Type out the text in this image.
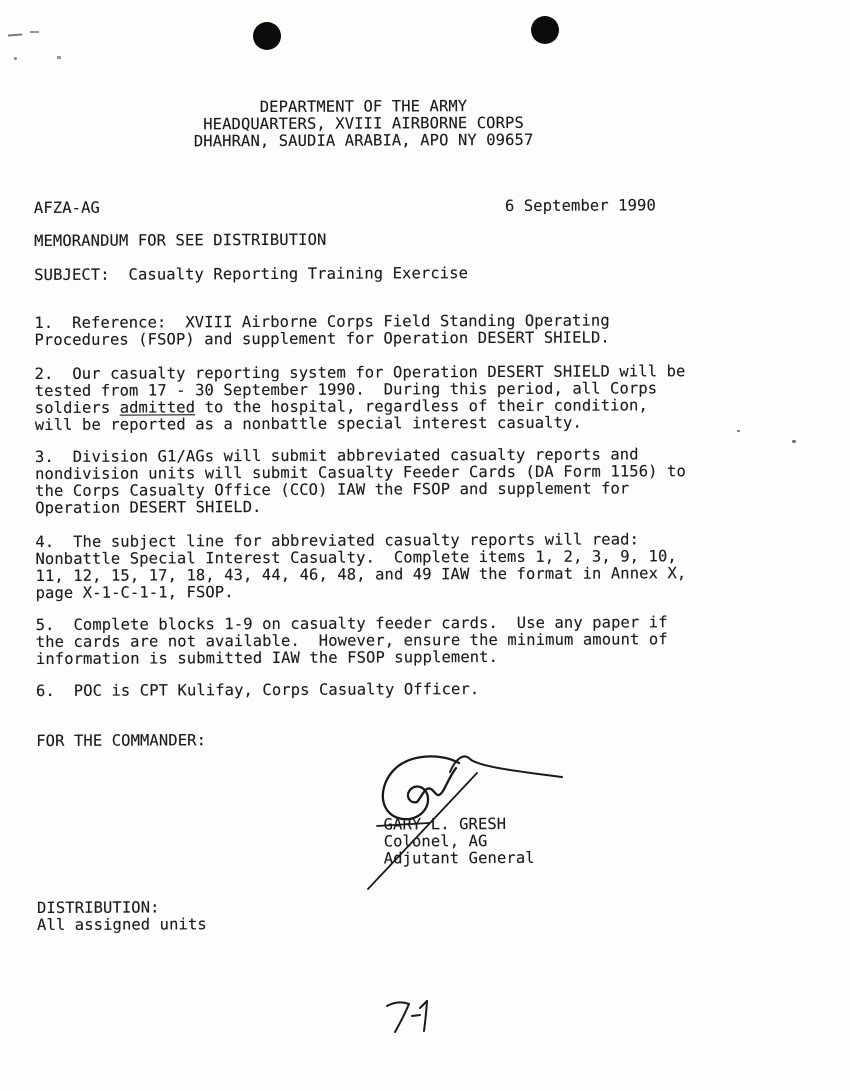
DEPARTMENT OF THE ARMY
HEADQUARTERS, XVIII AIRBORNE CORPS
DHAHRAN, SAUDIA ARABIA, APO NY 09657
AFZA-AG	6 September 1990
MEMORANDUM FOR SEE DISTRIBUTION
SUBJECT:  Casualty Reporting Training Exercise
1.  Reference:  XVIII Airborne Corps Field Standing Operating
Procedures (FSOP) and supplement for Operation DESERT SHIELD.
2.  Our casualty reporting system for Operation DESERT SHIELD will be
tested from 17 - 30 September 1990.  During this period, all Corps
soldiers admitted to the hospital, regardless of their condition,
will be reported as a nonbattle special interest casualty.
3.  Division G1/AGs will submit abbreviated casualty reports and
nondivision units will submit Casualty Feeder Cards (DA Form 1156) to
the Corps Casualty Office (CCO) IAW the FSOP and supplement for
Operation DESERT SHIELD.
4.  The subject line for abbreviated casualty reports will read:
Nonbattle Special Interest Casualty.  Complete items 1, 2, 3, 9, 10,
11, 12, 15, 17, 18, 43, 44, 46, 48, and 49 IAW the format in Annex X,
page X-1-C-1-1, FSOP.
5.  Complete blocks 1-9 on casualty feeder cards.  Use any paper if
the cards are not available.  However, ensure the minimum amount of
information is submitted IAW the FSOP supplement.
6.  POC is CPT Kulifay, Corps Casualty Officer.
FOR THE COMMANDER:
GARY L. GRESH
Colonel, AG
Adjutant General
DISTRIBUTION:
All assigned units
